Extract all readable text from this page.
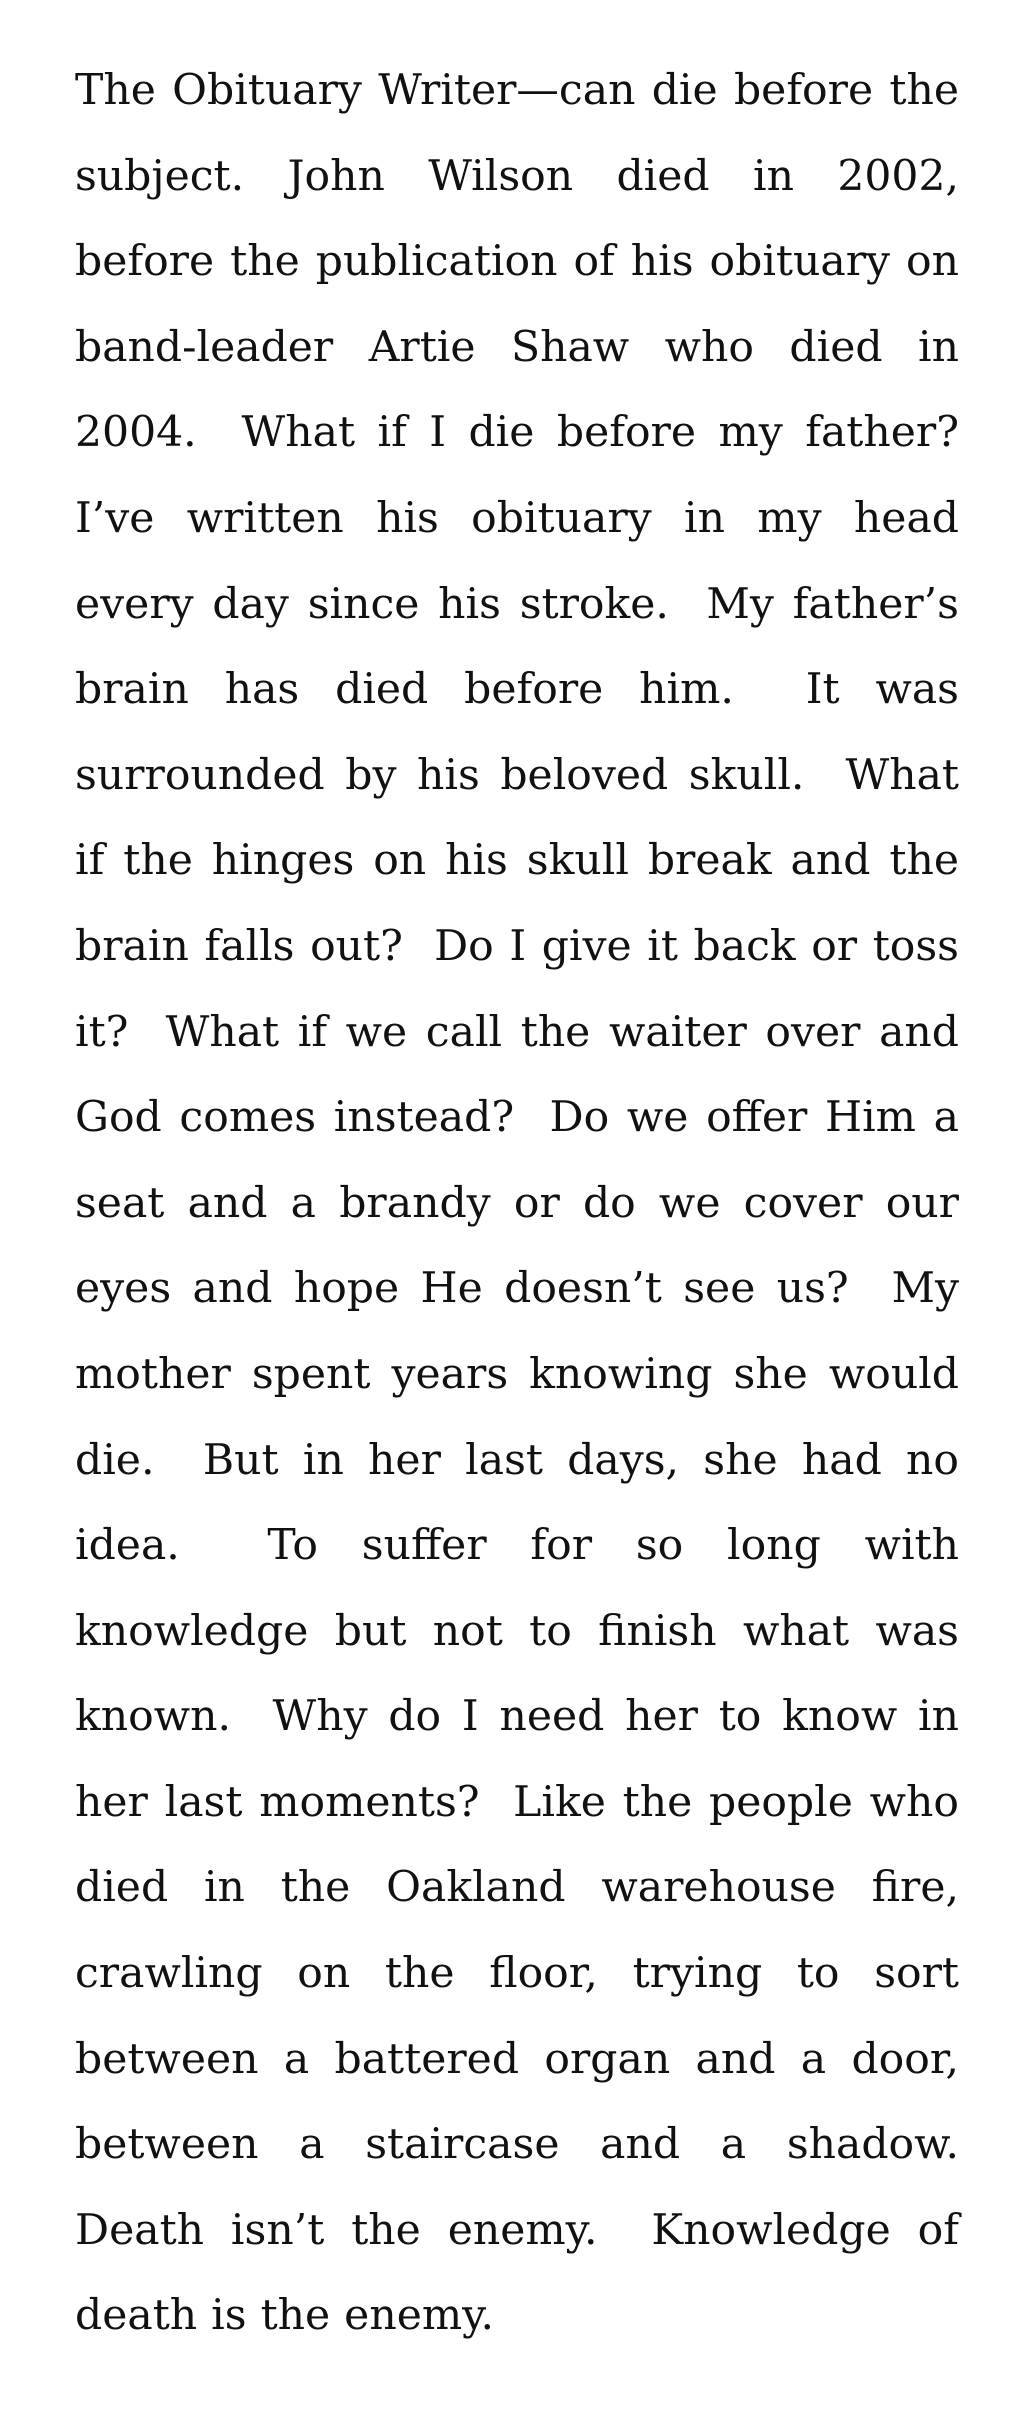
The Obituary Writer—can die before the subject. John Wilson died in 2002, before the publication of his obituary on band-leader Artie Shaw who died in 2004.  What if I die before my father? I’ve written his obituary in my head every day since his stroke.  My father’s brain has died before him.  It was surrounded by his beloved skull.  What if the hinges on his skull break and the brain falls out?  Do I give it back or toss it?  What if we call the waiter over and God comes instead?  Do we offer Him a seat and a brandy or do we cover our eyes and hope He doesn’t see us?  My mother spent years knowing she would die.  But in her last days, she had no idea.  To suffer for so long with knowledge but not to finish what was known.  Why do I need her to know in her last moments?  Like the people who died in the Oakland warehouse fire, crawling on the floor, trying to sort between a battered organ and a door, between a staircase and a shadow. Death isn’t the enemy.  Knowledge of death is the enemy.
